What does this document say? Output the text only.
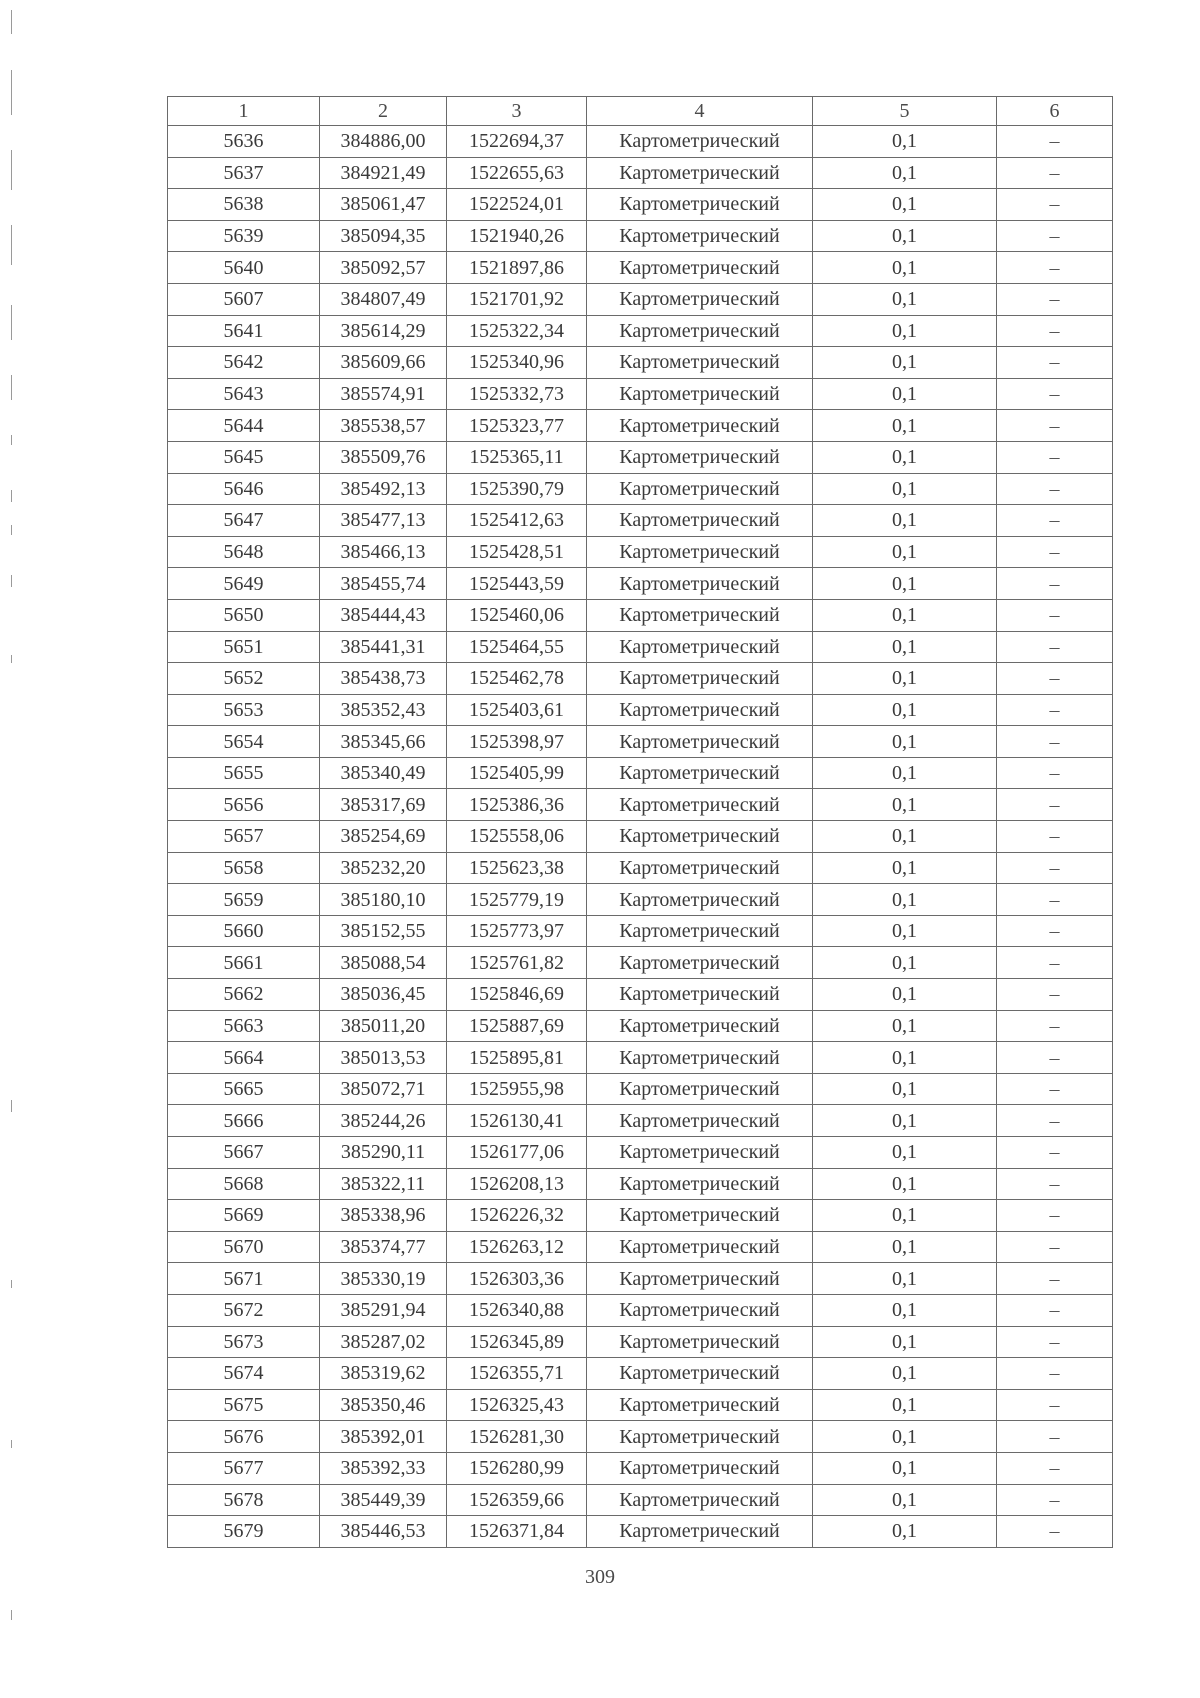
1	2	3	4	5	6
5636	384886,00	1522694,37	Картометрический	0,1	–
5637	384921,49	1522655,63	Картометрический	0,1	–
5638	385061,47	1522524,01	Картометрический	0,1	–
5639	385094,35	1521940,26	Картометрический	0,1	–
5640	385092,57	1521897,86	Картометрический	0,1	–
5607	384807,49	1521701,92	Картометрический	0,1	–
5641	385614,29	1525322,34	Картометрический	0,1	–
5642	385609,66	1525340,96	Картометрический	0,1	–
5643	385574,91	1525332,73	Картометрический	0,1	–
5644	385538,57	1525323,77	Картометрический	0,1	–
5645	385509,76	1525365,11	Картометрический	0,1	–
5646	385492,13	1525390,79	Картометрический	0,1	–
5647	385477,13	1525412,63	Картометрический	0,1	–
5648	385466,13	1525428,51	Картометрический	0,1	–
5649	385455,74	1525443,59	Картометрический	0,1	–
5650	385444,43	1525460,06	Картометрический	0,1	–
5651	385441,31	1525464,55	Картометрический	0,1	–
5652	385438,73	1525462,78	Картометрический	0,1	–
5653	385352,43	1525403,61	Картометрический	0,1	–
5654	385345,66	1525398,97	Картометрический	0,1	–
5655	385340,49	1525405,99	Картометрический	0,1	–
5656	385317,69	1525386,36	Картометрический	0,1	–
5657	385254,69	1525558,06	Картометрический	0,1	–
5658	385232,20	1525623,38	Картометрический	0,1	–
5659	385180,10	1525779,19	Картометрический	0,1	–
5660	385152,55	1525773,97	Картометрический	0,1	–
5661	385088,54	1525761,82	Картометрический	0,1	–
5662	385036,45	1525846,69	Картометрический	0,1	–
5663	385011,20	1525887,69	Картометрический	0,1	–
5664	385013,53	1525895,81	Картометрический	0,1	–
5665	385072,71	1525955,98	Картометрический	0,1	–
5666	385244,26	1526130,41	Картометрический	0,1	–
5667	385290,11	1526177,06	Картометрический	0,1	–
5668	385322,11	1526208,13	Картометрический	0,1	–
5669	385338,96	1526226,32	Картометрический	0,1	–
5670	385374,77	1526263,12	Картометрический	0,1	–
5671	385330,19	1526303,36	Картометрический	0,1	–
5672	385291,94	1526340,88	Картометрический	0,1	–
5673	385287,02	1526345,89	Картометрический	0,1	–
5674	385319,62	1526355,71	Картометрический	0,1	–
5675	385350,46	1526325,43	Картометрический	0,1	–
5676	385392,01	1526281,30	Картометрический	0,1	–
5677	385392,33	1526280,99	Картометрический	0,1	–
5678	385449,39	1526359,66	Картометрический	0,1	–
5679	385446,53	1526371,84	Картометрический	0,1	–
309
